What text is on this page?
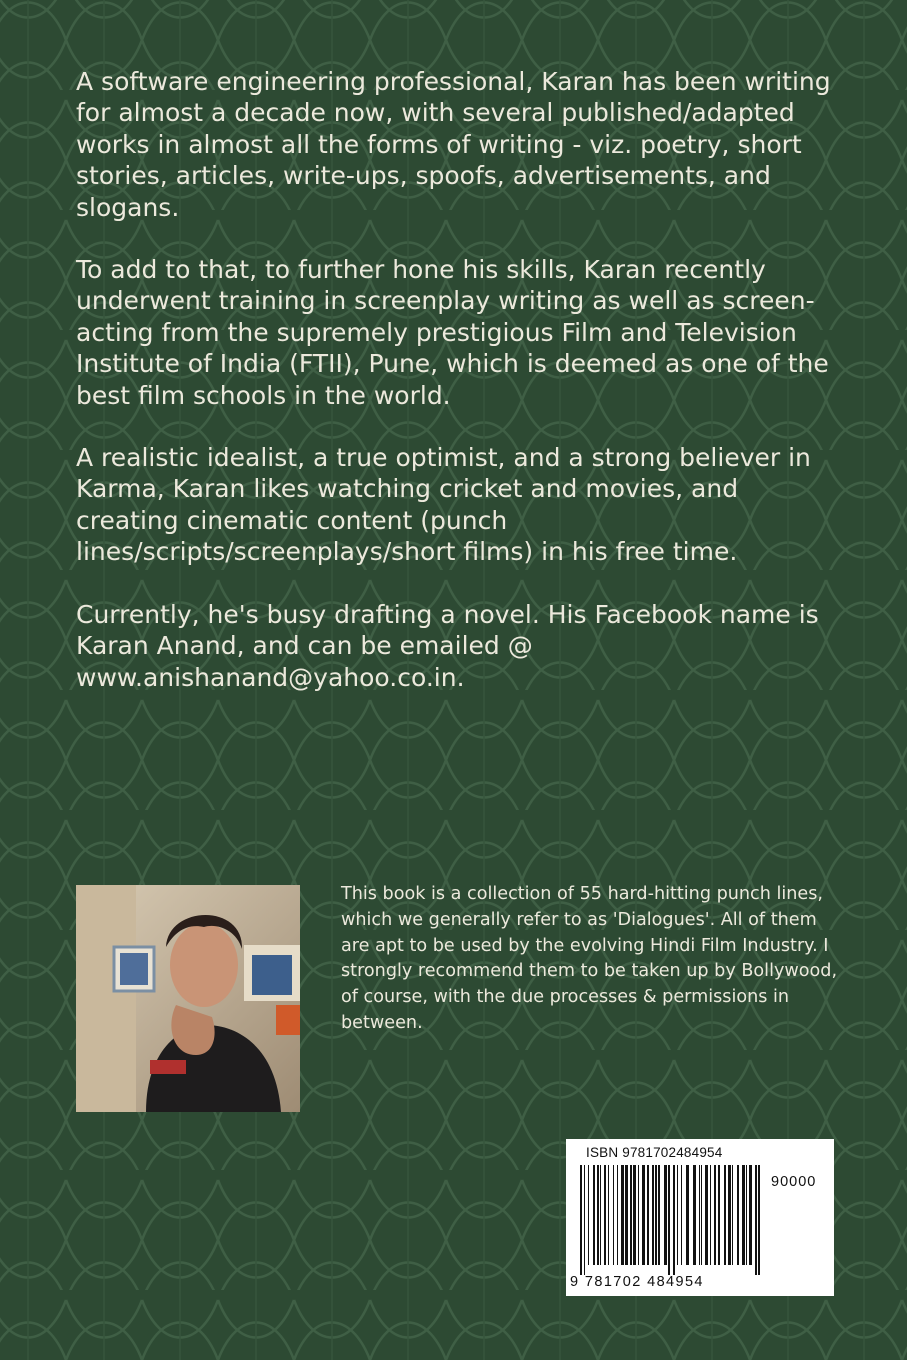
A software engineering professional, Karan has been writing for almost a decade now, with several published/adapted works in almost all the forms of writing - viz. poetry, short stories, articles, write-ups, spoofs, advertisements, and slogans.

To add to that, to further hone his skills, Karan recently underwent training in screenplay writing as well as screen-acting from the supremely prestigious Film and Television Institute of India (FTII), Pune, which is deemed as one of the best film schools in the world.

A realistic idealist, a true optimist, and a strong believer in Karma, Karan likes watching cricket and movies, and creating cinematic content (punch lines/scripts/screenplays/short films) in his free time.

Currently, he's busy drafting a novel. His Facebook name is Karan Anand, and can be emailed @ www.anishanand@yahoo.co.in.

This book is a collection of 55 hard-hitting punch lines, which we generally refer to as 'Dialogues'. All of them are apt to be used by the evolving Hindi Film Industry. I strongly recommend them to be taken up by Bollywood, of course, with the due processes & permissions in between.
ISBN 9781702484954
90000
9 781702 484954
